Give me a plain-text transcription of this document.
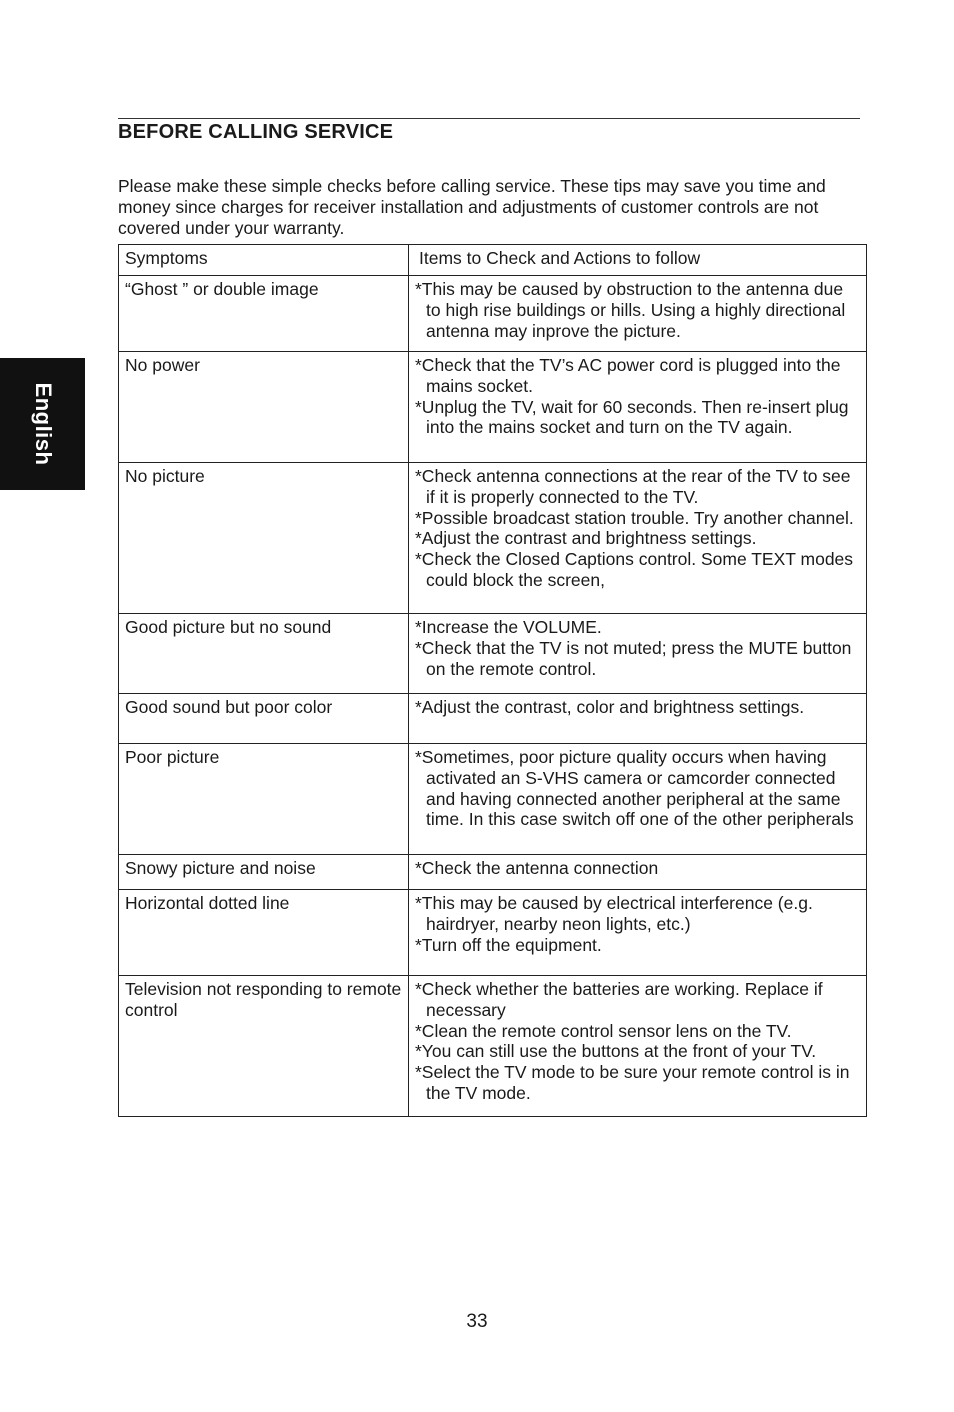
English
BEFORE CALLING SERVICE

Please make these simple checks before calling service. These tips may save you time and money since charges for receiver installation and adjustments of customer controls are not covered under your warranty.

Symptoms	Items to Check and Actions to follow
“Ghost ” or double image	*This may be caused by obstruction to the antenna due to high rise buildings or hills. Using a highly directional antenna may inprove the picture.

No power	*Check that the TV’s AC power cord is plugged into the mains socket.
*Unplug the TV, wait for 60 seconds. Then re-insert plug into the mains socket and turn on the TV again.

No picture	*Check antenna connections at the rear of the TV to see if it is properly connected to the TV.
*Possible broadcast station trouble. Try another channel.
*Adjust the contrast and brightness settings.
*Check the Closed Captions control. Some TEXT modes could block the screen,

Good picture but no sound	*Increase the VOLUME.
*Check that the TV is not muted; press the MUTE button on the remote control.

Good sound but poor color	*Adjust the contrast, color and brightness settings.

Poor picture	*Sometimes, poor picture quality occurs when having activated an S-VHS camera or camcorder connected and having connected another peripheral at the same time. In this case switch off one of the other peripherals

Snowy picture and noise	*Check the antenna connection

Horizontal dotted line	*This may be caused by electrical interference (e.g. hairdryer, nearby neon lights, etc.)
*Turn off the equipment.

Television not responding to remote control	*Check whether the batteries are working. Replace if necessary
*Clean the remote control sensor lens on the TV.
*You can still use the buttons at the front of your TV.
*Select the TV mode to be sure your remote control is in the TV mode.

33
